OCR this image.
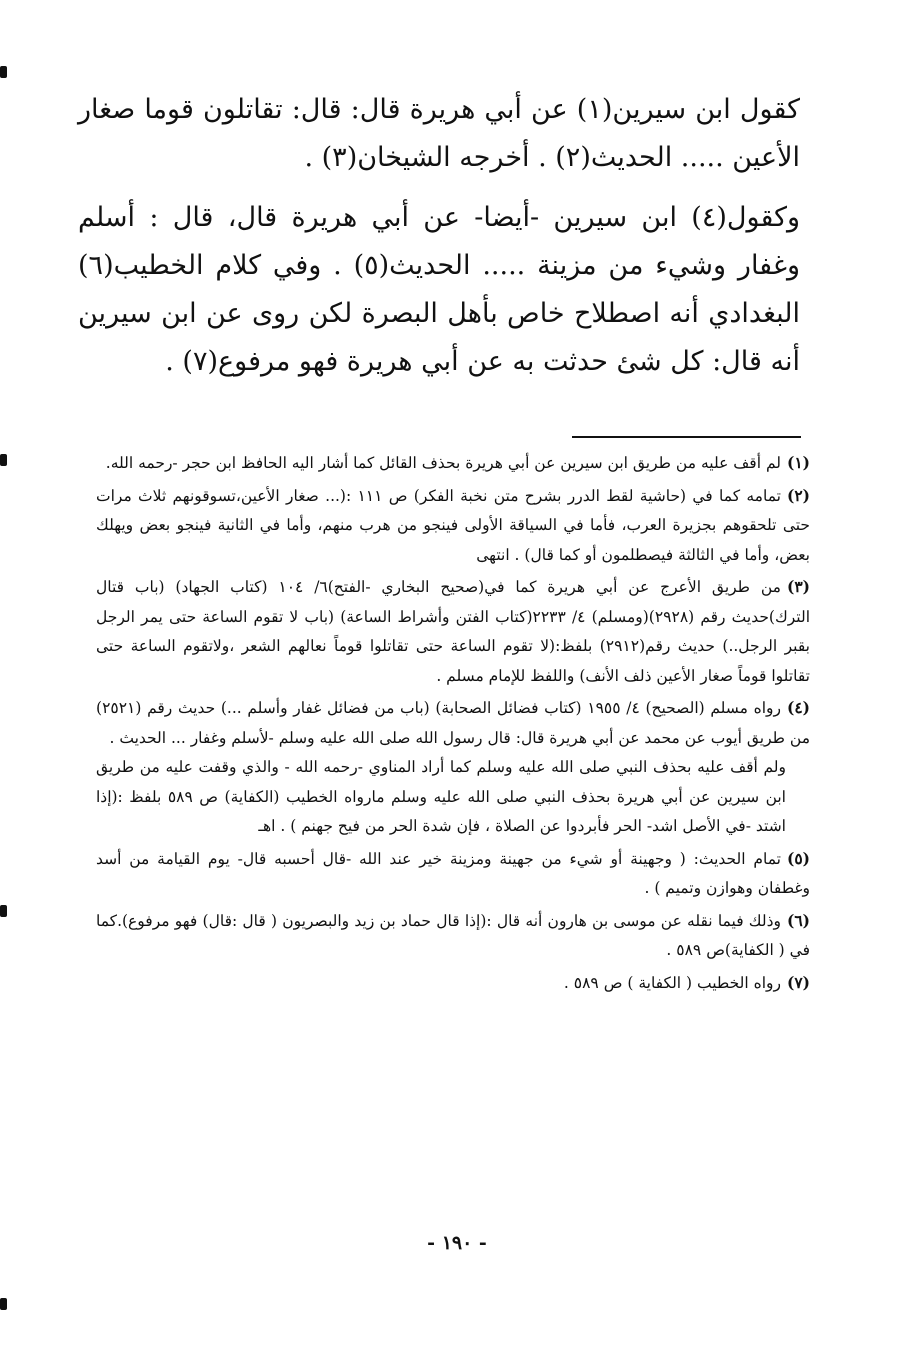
كقول ابن سيرين(١) عن أبي هريرة قال: قال: تقاتلون قوما صغار الأعين ..... الحديث(٢) . أخرجه الشيخان(٣) .

وكقول(٤) ابن سيرين -أيضا- عن أبي هريرة قال، قال : أسلم وغفار وشيء من مزينة ..... الحديث(٥) . وفي كلام الخطيب(٦) البغدادي أنه اصطلاح خاص بأهل البصرة لكن روى عن ابن سيرين أنه قال: كل شئ حدثت به عن أبي هريرة فهو مرفوع(٧) .

(١)لم أقف عليه من طريق ابن سيرين عن أبي هريرة بحذف القائل كما أشار اليه الحافظ ابن حجر -رحمه الله.
(٢)تمامه كما في (حاشية لقط الدرر بشرح متن نخبة الفكر) ص ١١١ :(... صغار الأعين،تسوقونهم ثلاث مرات حتى تلحقوهم بجزيرة العرب، فأما في السياقة الأولى فينجو من هرب منهم، وأما في الثانية فينجو بعض ويهلك بعض، وأما في الثالثة فيصطلمون أو كما قال) . انتهى
(٣)من طريق الأعرج عن أبي هريرة كما في(صحيح البخاري -الفتح)٦/ ١٠٤ (كتاب الجهاد) (باب قتال الترك)حديث رقم (٢٩٢٨)(ومسلم) ٤/ ٢٢٣٣(كتاب الفتن وأشراط الساعة) (باب لا تقوم الساعة حتى يمر الرجل بقبر الرجل..) حديث رقم(٢٩١٢) بلفظ:(لا تقوم الساعة حتى تقاتلوا قوماً نعالهم الشعر ،ولاتقوم الساعة حتى تقاتلوا قوماً صغار الأعين ذلف الأنف) واللفظ للإمام مسلم .
(٤)رواه مسلم (الصحيح) ٤/ ١٩٥٥ (كتاب فضائل الصحابة) (باب من فضائل غفار وأسلم ...) حديث رقم (٢٥٢١) من طريق أيوب عن محمد عن أبي هريرة قال: قال رسول الله صلى الله عليه وسلم -لأسلم وغفار ... الحديث .
ولم أقف عليه بحذف النبي صلى الله عليه وسلم كما أراد المناوي -رحمه الله - والذي وقفت عليه من طريق ابن سيرين عن أبي هريرة بحذف النبي صلى الله عليه وسلم مارواه الخطيب (الكفاية) ص ٥٨٩ بلفظ :(إذا اشتد -في الأصل اشد- الحر فأبردوا عن الصلاة ، فإن شدة الحر من فيح جهنم ) . اهـ
(٥)تمام الحديث: ( وجهينة أو شيء من جهينة ومزينة خير عند الله -قال أحسبه قال- يوم القيامة من أسد وغطفان وهوازن وتميم ) .
(٦)وذلك فيما نقله عن موسى بن هارون أنه قال :(إذا قال حماد بن زيد والبصريون ( قال :قال) فهو مرفوع).كما في ( الكفاية)ص ٥٨٩ .
(٧)رواه الخطيب ( الكفاية ) ص ٥٨٩ .
- ١٩٠ -
